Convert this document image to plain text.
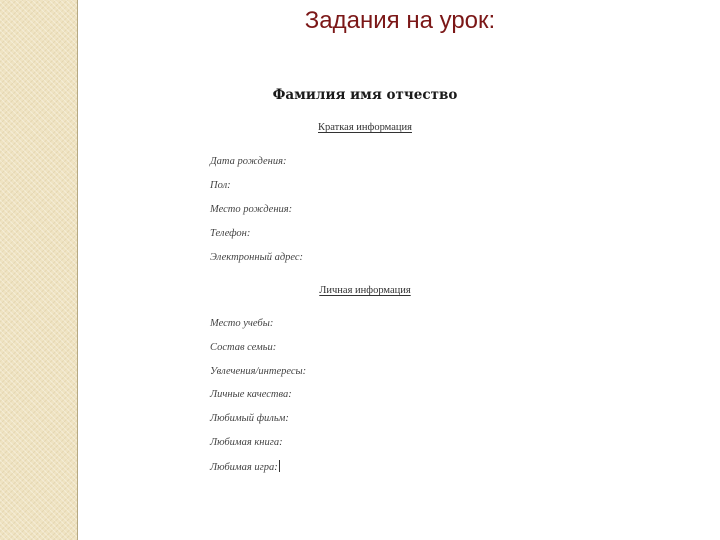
Задания на урок:
Фамилия имя отчество
Краткая информация
Дата рождения:
Пол:
Место рождения:
Телефон:
Электронный адрес:
Личная информация
Место учебы:
Состав семьи:
Увлечения/интересы:
Личные качества:
Любимый фильм:
Любимая книга:
Любимая игра:
